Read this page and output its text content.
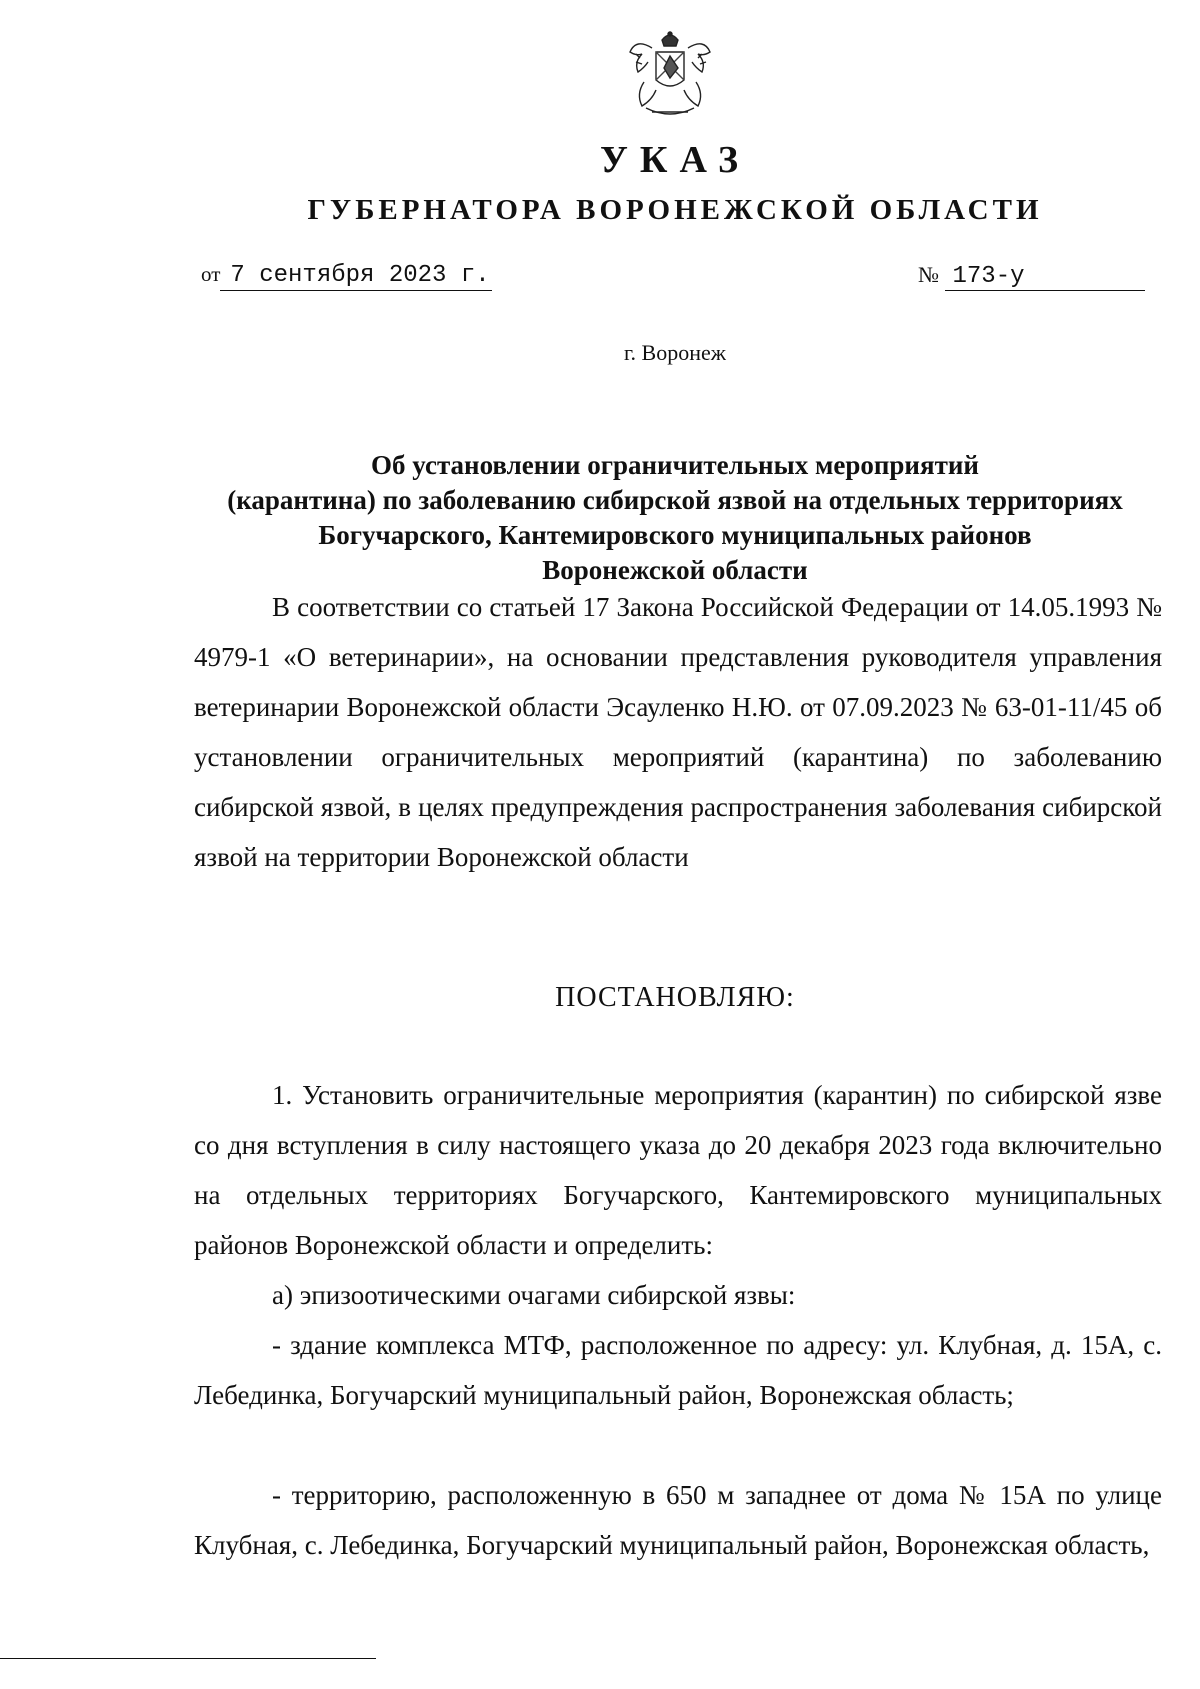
УКАЗ
ГУБЕРНАТОРА ВОРОНЕЖСКОЙ ОБЛАСТИ
от 7 сентября 2023 г.	№ 173-у
г. Воронеж
Об установлении ограничительных мероприятий
(карантина) по заболеванию сибирской язвой на отдельных территориях
Богучарского, Кантемировского муниципальных районов
Воронежской области

В соответствии со статьей 17 Закона Российской Федерации от 14.05.1993 № 4979-1 «О ветеринарии», на основании представления руководителя управления ветеринарии Воронежской области Эсауленко Н.Ю. от 07.09.2023 № 63-01-11/45 об установлении ограничительных мероприятий (карантина) по заболеванию сибирской язвой, в целях предупреждения распространения заболевания сибирской язвой на территории Воронежской области

ПОСТАНОВЛЯЮ:

1. Установить ограничительные мероприятия (карантин) по сибирской язве со дня вступления в силу настоящего указа до 20 декабря 2023 года включительно на отдельных территориях Богучарского, Кантемировского муниципальных районов Воронежской области и определить:

а) эпизоотическими очагами сибирской язвы:

- здание комплекса МТФ, расположенное по адресу: ул. Клубная, д. 15А, с. Лебединка, Богучарский муниципальный район, Воронежская область;

- территорию, расположенную в 650 м западнее от дома № 15А по улице Клубная, с. Лебединка, Богучарский муниципальный район, Воронежская область,
